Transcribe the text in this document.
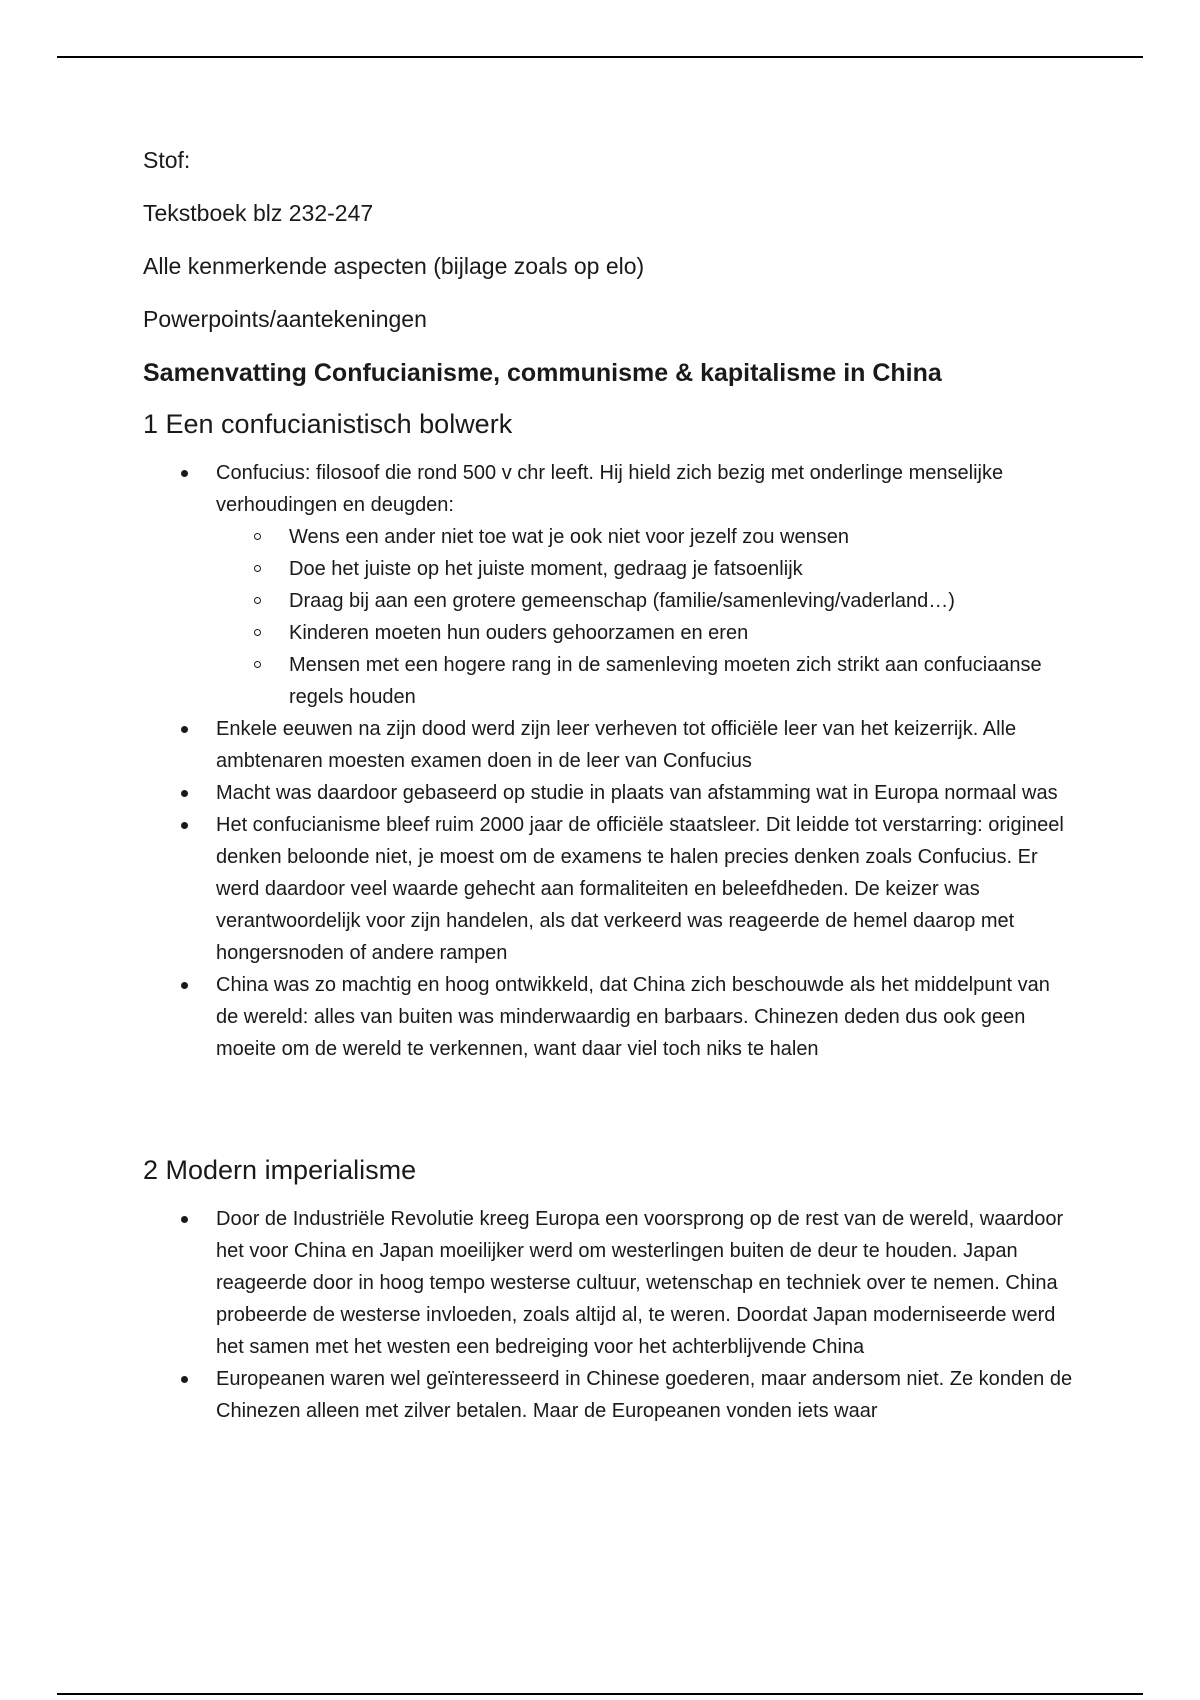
Stof:

Tekstboek blz 232-247

Alle kenmerkende aspecten (bijlage zoals op elo)

Powerpoints/aantekeningen

Samenvatting Confucianisme, communisme & kapitalisme in China
1 Een confucianistisch bolwerk
Confucius: filosoof die rond 500 v chr leeft. Hij hield zich bezig met onderlinge menselijke verhoudingen en deugden:
Wens een ander niet toe wat je ook niet voor jezelf zou wensen
Doe het juiste op het juiste moment, gedraag je fatsoenlijk
Draag bij aan een grotere gemeenschap (familie/samenleving/vaderland…)
Kinderen moeten hun ouders gehoorzamen en eren
Mensen met een hogere rang in de samenleving moeten zich strikt aan confuciaanse regels houden
Enkele eeuwen na zijn dood werd zijn leer verheven tot officiële leer van het keizerrijk. Alle ambtenaren moesten examen doen in de leer van Confucius
Macht was daardoor gebaseerd op studie in plaats van afstamming wat in Europa normaal was
Het confucianisme bleef ruim 2000 jaar de officiële staatsleer. Dit leidde tot verstarring: origineel denken beloonde niet, je moest om de examens te halen precies denken zoals Confucius. Er werd daardoor veel waarde gehecht aan formaliteiten en beleefdheden. De keizer was verantwoordelijk voor zijn handelen, als dat verkeerd was reageerde de hemel daarop met hongersnoden of andere rampen
China was zo machtig en hoog ontwikkeld, dat China zich beschouwde als het middelpunt van de wereld: alles van buiten was minderwaardig en barbaars. Chinezen deden dus ook geen moeite om de wereld te verkennen, want daar viel toch niks te halen
2 Modern imperialisme
Door de Industriële Revolutie kreeg Europa een voorsprong op de rest van de wereld, waardoor het voor China en Japan moeilijker werd om westerlingen buiten de deur te houden. Japan reageerde door in hoog tempo westerse cultuur, wetenschap en techniek over te nemen. China probeerde de westerse invloeden, zoals altijd al, te weren. Doordat Japan moderniseerde werd het samen met het westen een bedreiging voor het achterblijvende China
Europeanen waren wel geïnteresseerd in Chinese goederen, maar andersom niet. Ze konden de Chinezen alleen met zilver betalen. Maar de Europeanen vonden iets waar
